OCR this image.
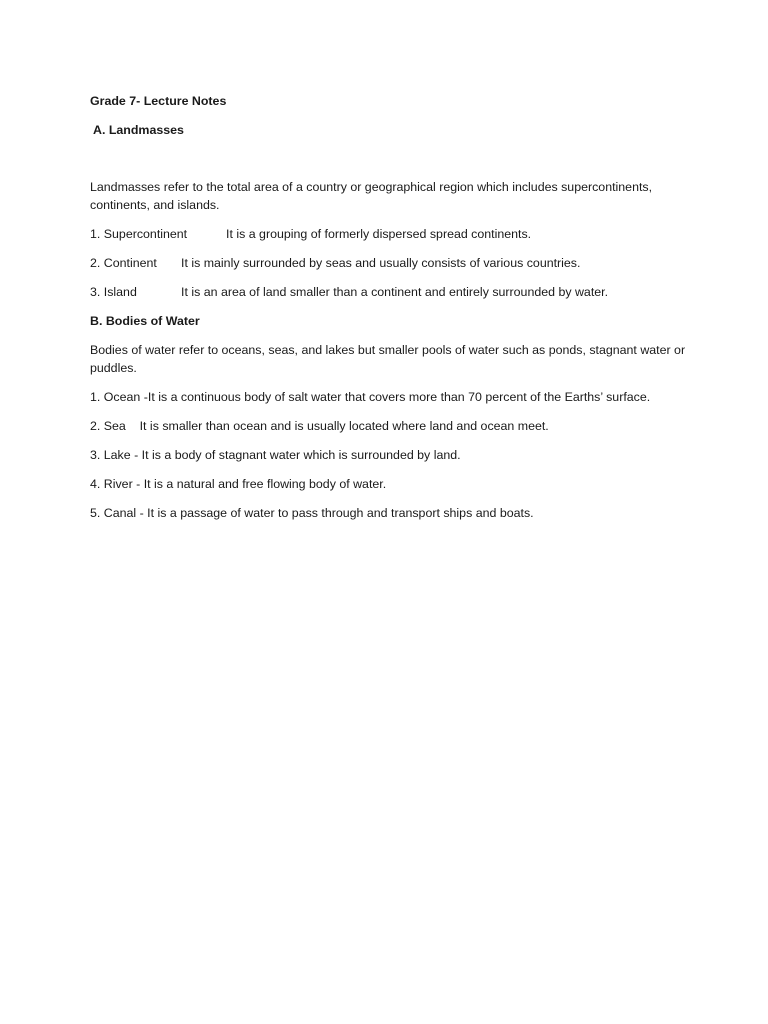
Grade 7- Lecture Notes

A. Landmasses

Landmasses refer to the total area of a country or geographical region which includes supercontinents, continents, and islands.

1. Supercontinent	It is a grouping of formerly dispersed spread continents.
2. Continent	It is mainly surrounded by seas and usually consists of various countries.
3. Island	It is an area of land smaller than a continent and entirely surrounded by water.

B. Bodies of Water

Bodies of water refer to oceans, seas, and lakes but smaller pools of water such as ponds, stagnant water or puddles.

1. Ocean -It is a continuous body of salt water that covers more than 70 percent of the Earths’ surface.
2. Sea It is smaller than ocean and is usually located where land and ocean meet.
3. Lake - It is a body of stagnant water which is surrounded by land.
4. River - It is a natural and free flowing body of water.
5. Canal - It is a passage of water to pass through and transport ships and boats.
